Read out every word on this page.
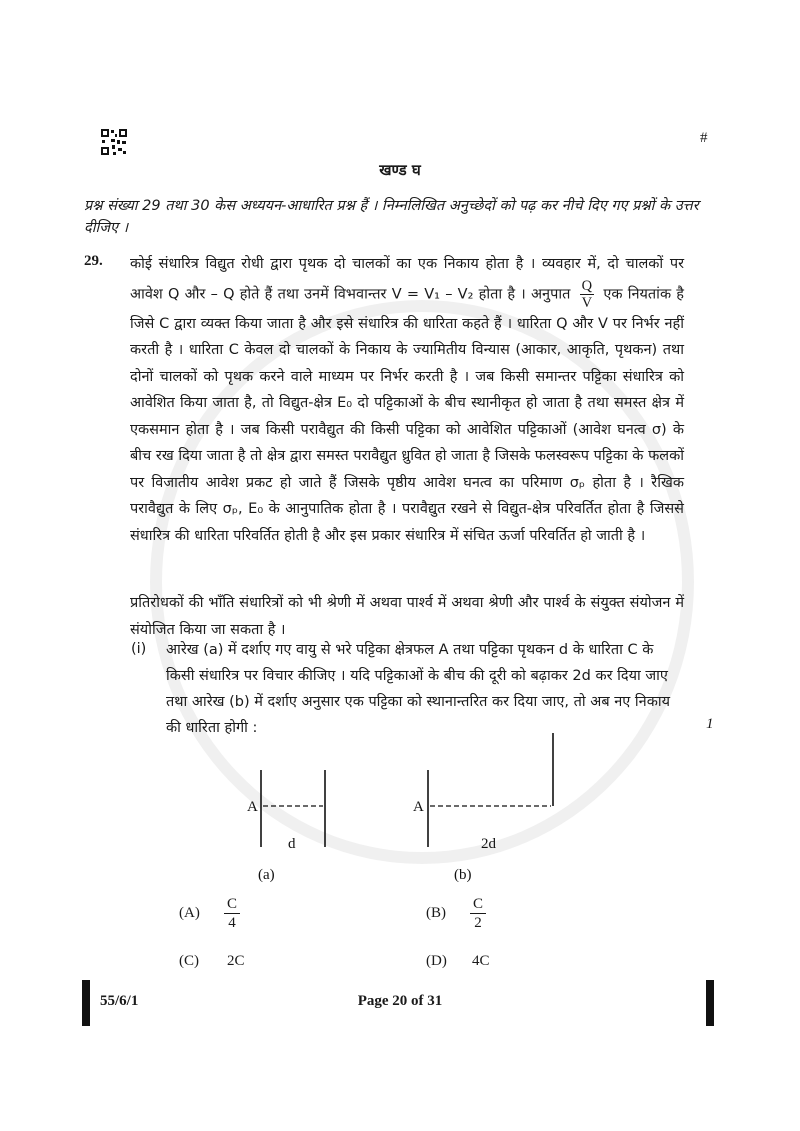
#
खण्ड घ
प्रश्न संख्या 29 तथा 30 केस अध्ययन-आधारित प्रश्न हैं । निम्नलिखित अनुच्छेदों को पढ़ कर नीचे दिए गए प्रश्नों के उत्तर दीजिए ।
29. कोई संधारित्र विद्युत रोधी द्वारा पृथक दो चालकों का एक निकाय होता है । व्यवहार में, दो चालकों पर आवेश Q और – Q होते हैं तथा उनमें विभवान्तर V = V₁ – V₂ होता है । अनुपात $\frac{Q}{V}$ एक नियतांक है जिसे C द्वारा व्यक्त किया जाता है और इसे संधारित्र की धारिता कहते हैं । धारिता Q और V पर निर्भर नहीं करती है । धारिता C केवल दो चालकों के निकाय के ज्यामितीय विन्यास (आकार, आकृति, पृथकन) तथा दोनों चालकों को पृथक करने वाले माध्यम पर निर्भर करती है । जब किसी समान्तर पट्टिका संधारित्र को आवेशित किया जाता है, तो विद्युत-क्षेत्र E₀ दो पट्टिकाओं के बीच स्थानीकृत हो जाता है तथा समस्त क्षेत्र में एकसमान होता है । जब किसी परावैद्युत की किसी पट्टिका को आवेशित पट्टिकाओं (आवेश घनत्व σ) के बीच रख दिया जाता है तो क्षेत्र द्वारा समस्त परावैद्युत ध्रुवित हो जाता है जिसके फलस्वरूप पट्टिका के फलकों पर विजातीय आवेश प्रकट हो जाते हैं जिसके पृष्ठीय आवेश घनत्व का परिमाण σₚ होता है । रैखिक परावैद्युत के लिए σₚ, E₀ के आनुपातिक होता है । परावैद्युत रखने से विद्युत-क्षेत्र परिवर्तित होता है जिससे संधारित्र की धारिता परिवर्तित होती है और इस प्रकार संधारित्र में संचित ऊर्जा परिवर्तित हो जाती है ।
प्रतिरोधकों की भाँति संधारित्रों को भी श्रेणी में अथवा पार्श्व में अथवा श्रेणी और पार्श्व के संयुक्त संयोजन में संयोजित किया जा सकता है ।
(i) आरेख (a) में दर्शाए गए वायु से भरे पट्टिका क्षेत्रफल A तथा पट्टिका पृथकन d के धारिता C के किसी संधारित्र पर विचार कीजिए । यदि पट्टिकाओं के बीच की दूरी को बढ़ाकर 2d कर दिया जाए तथा आरेख (b) में दर्शाए अनुसार एक पट्टिका को स्थानान्तरित कर दिया जाए, तो अब नए निकाय की धारिता होगी :	1
A
d
(a)
A
2d
(b)
$(A) \frac{C}{4}$	$(B) \frac{C}{2}$
(C) 2C	(D) 4C
55/6/1	Page 20 of 31
